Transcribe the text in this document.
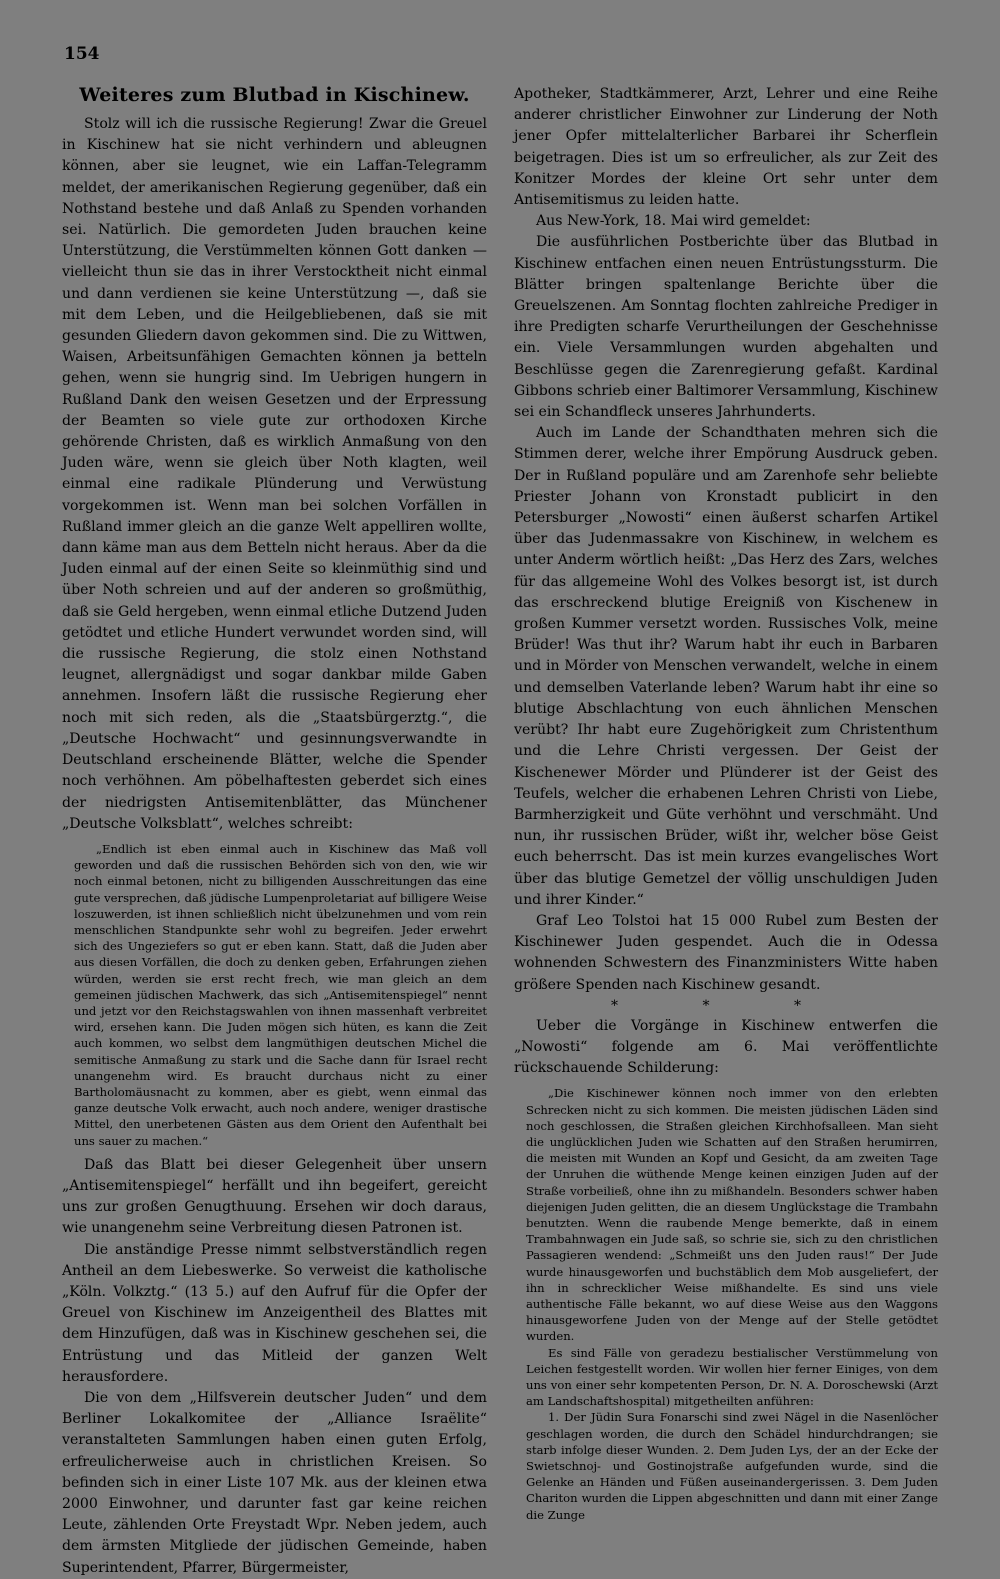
154
Weiteres zum Blutbad in Kischinew.

Stolz will ich die russische Regierung! Zwar die Greuel in Kischinew hat sie nicht verhindern und ableugnen können, aber sie leugnet, wie ein Laffan-Telegramm meldet, der amerikanischen Regierung gegenüber, daß ein Nothstand bestehe und daß Anlaß zu Spenden vorhanden sei. Natürlich. Die gemordeten Juden brauchen keine Unterstützung, die Verstümmelten können Gott danken — vielleicht thun sie das in ihrer Verstocktheit nicht einmal und dann verdienen sie keine Unterstützung —, daß sie mit dem Leben, und die Heilgebliebenen, daß sie mit gesunden Gliedern davon gekommen sind. Die zu Wittwen, Waisen, Arbeitsunfähigen Gemachten können ja betteln gehen, wenn sie hungrig sind. Im Uebrigen hungern in Rußland Dank den weisen Gesetzen und der Erpressung der Beamten so viele gute zur orthodoxen Kirche gehörende Christen, daß es wirklich Anmaßung von den Juden wäre, wenn sie gleich über Noth klagten, weil einmal eine radikale Plünderung und Verwüstung vorgekommen ist. Wenn man bei solchen Vorfällen in Rußland immer gleich an die ganze Welt appelliren wollte, dann käme man aus dem Betteln nicht heraus. Aber da die Juden einmal auf der einen Seite so kleinmüthig sind und über Noth schreien und auf der anderen so großmüthig, daß sie Geld hergeben, wenn einmal etliche Dutzend Juden getödtet und etliche Hundert verwundet worden sind, will die russische Regierung, die stolz einen Nothstand leugnet, allergnädigst und sogar dankbar milde Gaben annehmen. Insofern läßt die russische Regierung eher noch mit sich reden, als die „Staatsbürgerztg.“, die „Deutsche Hochwacht“ und gesinnungsverwandte in Deutschland erscheinende Blätter, welche die Spender noch verhöhnen. Am pöbelhaftesten geberdet sich eines der niedrigsten Antisemitenblätter, das Münchener „Deutsche Volksblatt“, welches schreibt:

„Endlich ist eben einmal auch in Kischinew das Maß voll geworden und daß die russischen Behörden sich von den, wie wir noch einmal betonen, nicht zu billigenden Ausschreitungen das eine gute versprechen, daß jüdische Lumpenproletariat auf billigere Weise loszuwerden, ist ihnen schließlich nicht übelzunehmen und vom rein menschlichen Standpunkte sehr wohl zu begreifen. Jeder erwehrt sich des Ungeziefers so gut er eben kann. Statt, daß die Juden aber aus diesen Vorfällen, die doch zu denken geben, Erfahrungen ziehen würden, werden sie erst recht frech, wie man gleich an dem gemeinen jüdischen Machwerk, das sich „Antisemitenspiegel“ nennt und jetzt vor den Reichstagswahlen von ihnen massenhaft verbreitet wird, ersehen kann. Die Juden mögen sich hüten, es kann die Zeit auch kommen, wo selbst dem langmüthigen deutschen Michel die semitische Anmaßung zu stark und die Sache dann für Israel recht unangenehm wird. Es braucht durchaus nicht zu einer Bartholomäusnacht zu kommen, aber es giebt, wenn einmal das ganze deutsche Volk erwacht, auch noch andere, weniger drastische Mittel, den unerbetenen Gästen aus dem Orient den Aufenthalt bei uns sauer zu machen.“

Daß das Blatt bei dieser Gelegenheit über unsern „Antisemitenspiegel“ herfällt und ihn begeifert, gereicht uns zur großen Genugthuung. Ersehen wir doch daraus, wie unangenehm seine Verbreitung diesen Patronen ist.

Die anständige Presse nimmt selbstverständlich regen Antheil an dem Liebeswerke. So verweist die katholische „Köln. Volkztg.“ (13 5.) auf den Aufruf für die Opfer der Greuel von Kischinew im Anzeigentheil des Blattes mit dem Hinzufügen, daß was in Kischinew geschehen sei, die Entrüstung und das Mitleid der ganzen Welt herausfordere.

Die von dem „Hilfsverein deutscher Juden“ und dem Berliner Lokalkomitee der „Alliance Israëlite“ veranstalteten Sammlungen haben einen guten Erfolg, erfreulicherweise auch in christlichen Kreisen. So befinden sich in einer Liste 107 Mk. aus der kleinen etwa 2000 Einwohner, und darunter fast gar keine reichen Leute, zählenden Orte Freystadt Wpr. Neben jedem, auch dem ärmsten Mitgliede der jüdischen Gemeinde, haben Superintendent, Pfarrer, Bürgermeister,

Apotheker, Stadtkämmerer, Arzt, Lehrer und eine Reihe anderer christlicher Einwohner zur Linderung der Noth jener Opfer mittelalterlicher Barbarei ihr Scherflein beigetragen. Dies ist um so erfreulicher, als zur Zeit des Konitzer Mordes der kleine Ort sehr unter dem Antisemitismus zu leiden hatte.

Aus New-York, 18. Mai wird gemeldet:

Die ausführlichen Postberichte über das Blutbad in Kischinew entfachen einen neuen Entrüstungssturm. Die Blätter bringen spaltenlange Berichte über die Greuelszenen. Am Sonntag flochten zahlreiche Prediger in ihre Predigten scharfe Verurtheilungen der Geschehnisse ein. Viele Versammlungen wurden abgehalten und Beschlüsse gegen die Zarenregierung gefaßt. Kardinal Gibbons schrieb einer Baltimorer Versammlung, Kischinew sei ein Schandfleck unseres Jahrhunderts.

Auch im Lande der Schandthaten mehren sich die Stimmen derer, welche ihrer Empörung Ausdruck geben. Der in Rußland populäre und am Zarenhofe sehr beliebte Priester Johann von Kronstadt publicirt in den Petersburger „Nowosti“ einen äußerst scharfen Artikel über das Judenmassakre von Kischinew, in welchem es unter Anderm wörtlich heißt: „Das Herz des Zars, welches für das allgemeine Wohl des Volkes besorgt ist, ist durch das erschreckend blutige Ereigniß von Kischenew in großen Kummer versetzt worden. Russisches Volk, meine Brüder! Was thut ihr? Warum habt ihr euch in Barbaren und in Mörder von Menschen verwandelt, welche in einem und demselben Vaterlande leben? Warum habt ihr eine so blutige Abschlachtung von euch ähnlichen Menschen verübt? Ihr habt eure Zugehörigkeit zum Christenthum und die Lehre Christi vergessen. Der Geist der Kischenewer Mörder und Plünderer ist der Geist des Teufels, welcher die erhabenen Lehren Christi von Liebe, Barmherzigkeit und Güte verhöhnt und verschmäht. Und nun, ihr russischen Brüder, wißt ihr, welcher böse Geist euch beherrscht. Das ist mein kurzes evangelisches Wort über das blutige Gemetzel der völlig unschuldigen Juden und ihrer Kinder.“

Graf Leo Tolstoi hat 15 000 Rubel zum Besten der Kischinewer Juden gespendet. Auch die in Odessa wohnenden Schwestern des Finanzministers Witte haben größere Spenden nach Kischinew gesandt.

* * *

Ueber die Vorgänge in Kischinew entwerfen die „Nowosti“ folgende am 6. Mai veröffentlichte rückschauende Schilderung:

„Die Kischinewer können noch immer von den erlebten Schrecken nicht zu sich kommen. Die meisten jüdischen Läden sind noch geschlossen, die Straßen gleichen Kirchhofsalleen. Man sieht die unglücklichen Juden wie Schatten auf den Straßen herumirren, die meisten mit Wunden an Kopf und Gesicht, da am zweiten Tage der Unruhen die wüthende Menge keinen einzigen Juden auf der Straße vorbeiließ, ohne ihn zu mißhandeln. Besonders schwer haben diejenigen Juden gelitten, die an diesem Unglückstage die Trambahn benutzten. Wenn die raubende Menge bemerkte, daß in einem Trambahnwagen ein Jude saß, so schrie sie, sich zu den christlichen Passagieren wendend: „Schmeißt uns den Juden raus!“ Der Jude wurde hinausgeworfen und buchstäblich dem Mob ausgeliefert, der ihn in schrecklicher Weise mißhandelte. Es sind uns viele authentische Fälle bekannt, wo auf diese Weise aus den Waggons hinausgeworfene Juden von der Menge auf der Stelle getödtet wurden.

Es sind Fälle von geradezu bestialischer Verstümmelung von Leichen festgestellt worden. Wir wollen hier ferner Einiges, von dem uns von einer sehr kompetenten Person, Dr. N. A. Doroschewski (Arzt am Landschaftshospital) mitgetheilten anführen:

1. Der Jüdin Sura Fonarschi sind zwei Nägel in die Nasenlöcher geschlagen worden, die durch den Schädel hindurchdrangen; sie starb infolge dieser Wunden. 2. Dem Juden Lys, der an der Ecke der Swietschnoj- und Gostinojstraße aufgefunden wurde, sind die Gelenke an Händen und Füßen auseinandergerissen. 3. Dem Juden Chariton wurden die Lippen abgeschnitten und dann mit einer Zange die Zunge
